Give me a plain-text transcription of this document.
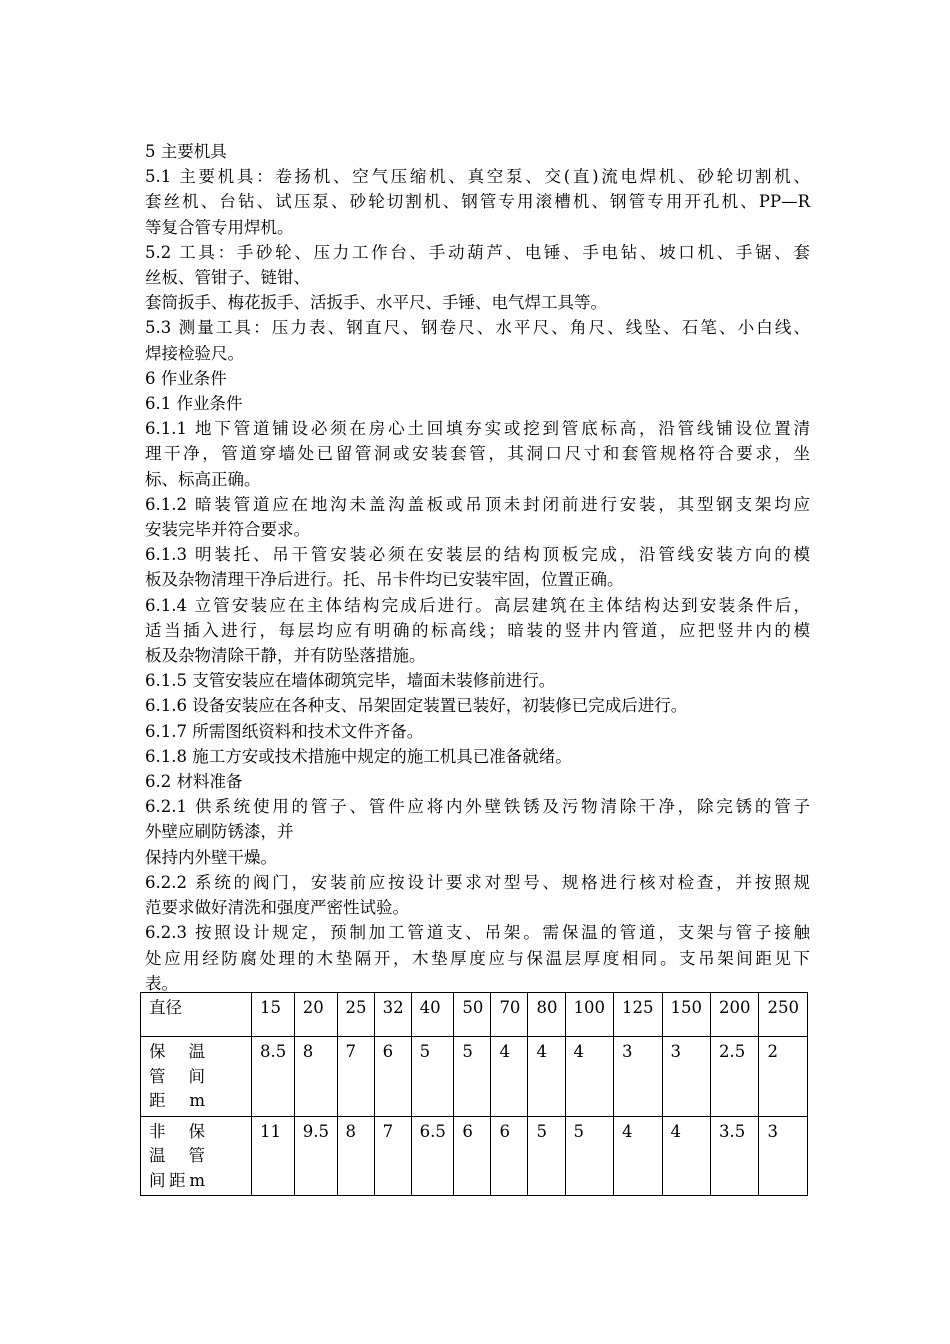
5 主要机具
5.1 主要机具：卷扬机、空气压缩机、真空泵、交(直)流电焊机、砂轮切割机、
套丝机、台钻、试压泵、砂轮切割机、钢管专用滚槽机、钢管专用开孔机、PP—R
等复合管专用焊机。
5.2 工具：手砂轮、压力工作台、手动葫芦、电锤、手电钻、坡口机、手锯、套
丝板、管钳子、链钳、
套筒扳手、梅花扳手、活扳手、水平尺、手锤、电气焊工具等。
5.3 测量工具：压力表、钢直尺、钢卷尺、水平尺、角尺、线坠、石笔、小白线、
焊接检验尺。
6 作业条件
6.1 作业条件
6.1.1 地下管道铺设必须在房心土回填夯实或挖到管底标高，沿管线铺设位置清
理干净，管道穿墙处已留管洞或安装套管，其洞口尺寸和套管规格符合要求，坐
标、标高正确。
6.1.2 暗装管道应在地沟未盖沟盖板或吊顶未封闭前进行安装，其型钢支架均应
安装完毕并符合要求。
6.1.3 明装托、吊干管安装必须在安装层的结构顶板完成，沿管线安装方向的模
板及杂物清理干净后进行。托、吊卡件均已安装牢固，位置正确。
6.1.4 立管安装应在主体结构完成后进行。高层建筑在主体结构达到安装条件后，
适当插入进行，每层均应有明确的标高线；暗装的竖井内管道，应把竖井内的模
板及杂物清除干静，并有防坠落措施。
6.1.5 支管安装应在墙体砌筑完毕，墙面未装修前进行。
6.1.6 设备安装应在各种支、吊架固定装置已装好，初装修已完成后进行。
6.1.7 所需图纸资料和技术文件齐备。
6.1.8 施工方安或技术措施中规定的施工机具已准备就绪。
6.2 材料准备
6.2.1 供系统使用的管子、管件应将内外壁铁锈及污物清除干净，除完锈的管子
外壁应刷防锈漆，并
保持内外壁干燥。
6.2.2 系统的阀门，安装前应按设计要求对型号、规格进行核对检查，并按照规
范要求做好清洗和强度严密性试验。
6.2.3 按照设计规定，预制加工管道支、吊架。需保温的管道，支架与管子接触
处应用经防腐处理的木垫隔开，木垫厚度应与保温层厚度相同。支吊架间距见下
表。
直径	15	20	25	32	40	50	70	80	100	125	150	200	250

保　温
管　间
距 m	8.5	8	7	6	5	5	4	4	4	3	3	2.5	2

非　保
温　管
间距m	11	9.5	8	7	6.5	6	6	5	5	4	4	3.5	3
